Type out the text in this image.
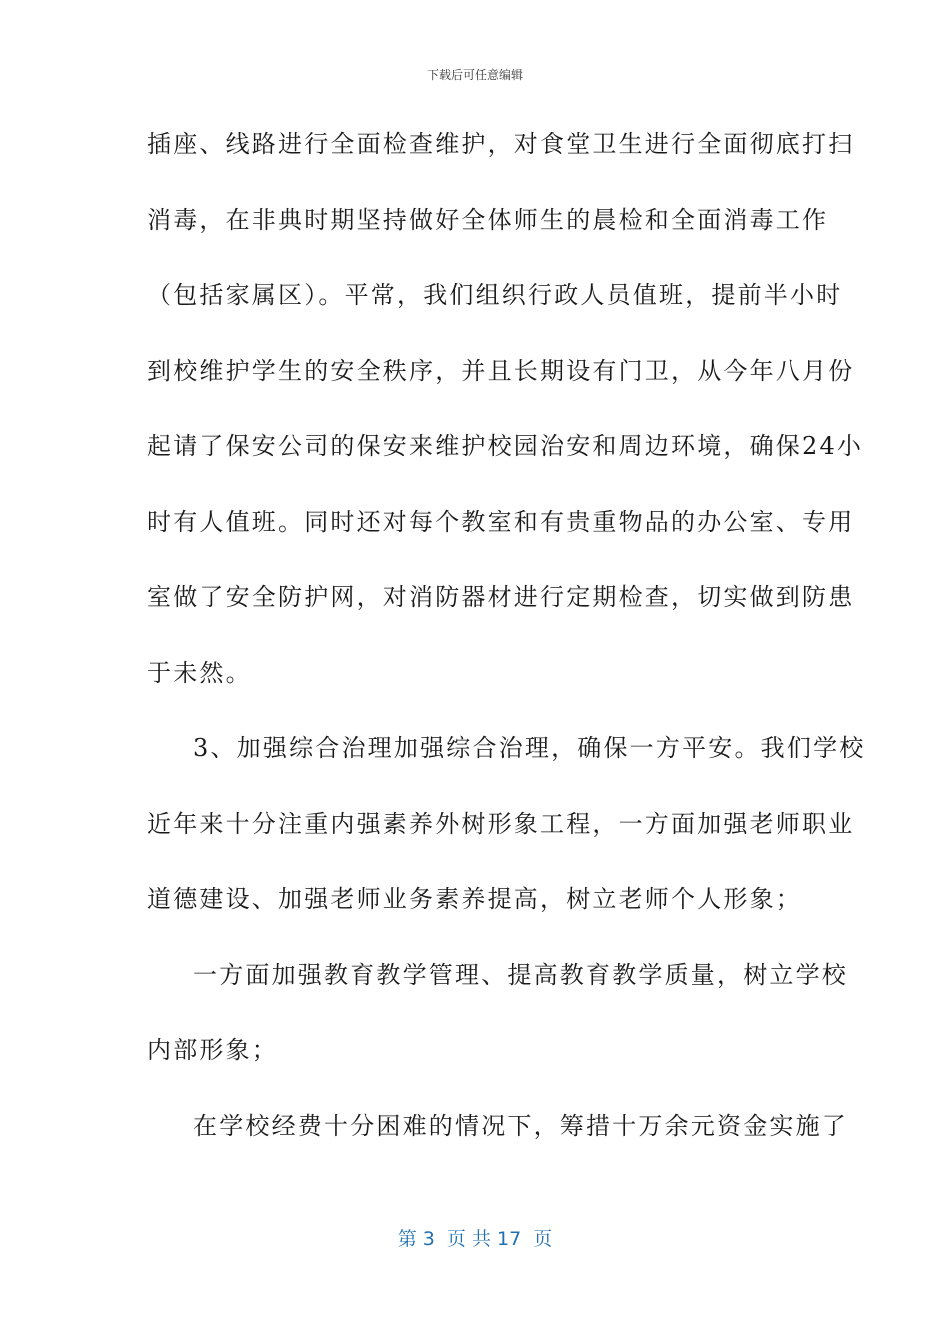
下载后可任意编辑
插座、线路进行全面检查维护，对食堂卫生进行全面彻底打扫
消毒，在非典时期坚持做好全体师生的晨检和全面消毒工作
（包括家属区）。平常，我们组织行政人员值班，提前半小时
到校维护学生的安全秩序，并且长期设有门卫，从今年八月份
起请了保安公司的保安来维护校园治安和周边环境，确保24小
时有人值班。同时还对每个教室和有贵重物品的办公室、专用
室做了安全防护网，对消防器材进行定期检查，切实做到防患
于未然。
3、加强综合治理加强综合治理，确保一方平安。我们学校
近年来十分注重内强素养外树形象工程，一方面加强老师职业
道德建设、加强老师业务素养提高，树立老师个人形象；
一方面加强教育教学管理、提高教育教学质量，树立学校
内部形象；
在学校经费十分困难的情况下，筹措十万余元资金实施了
第 3  页 共 17  页
